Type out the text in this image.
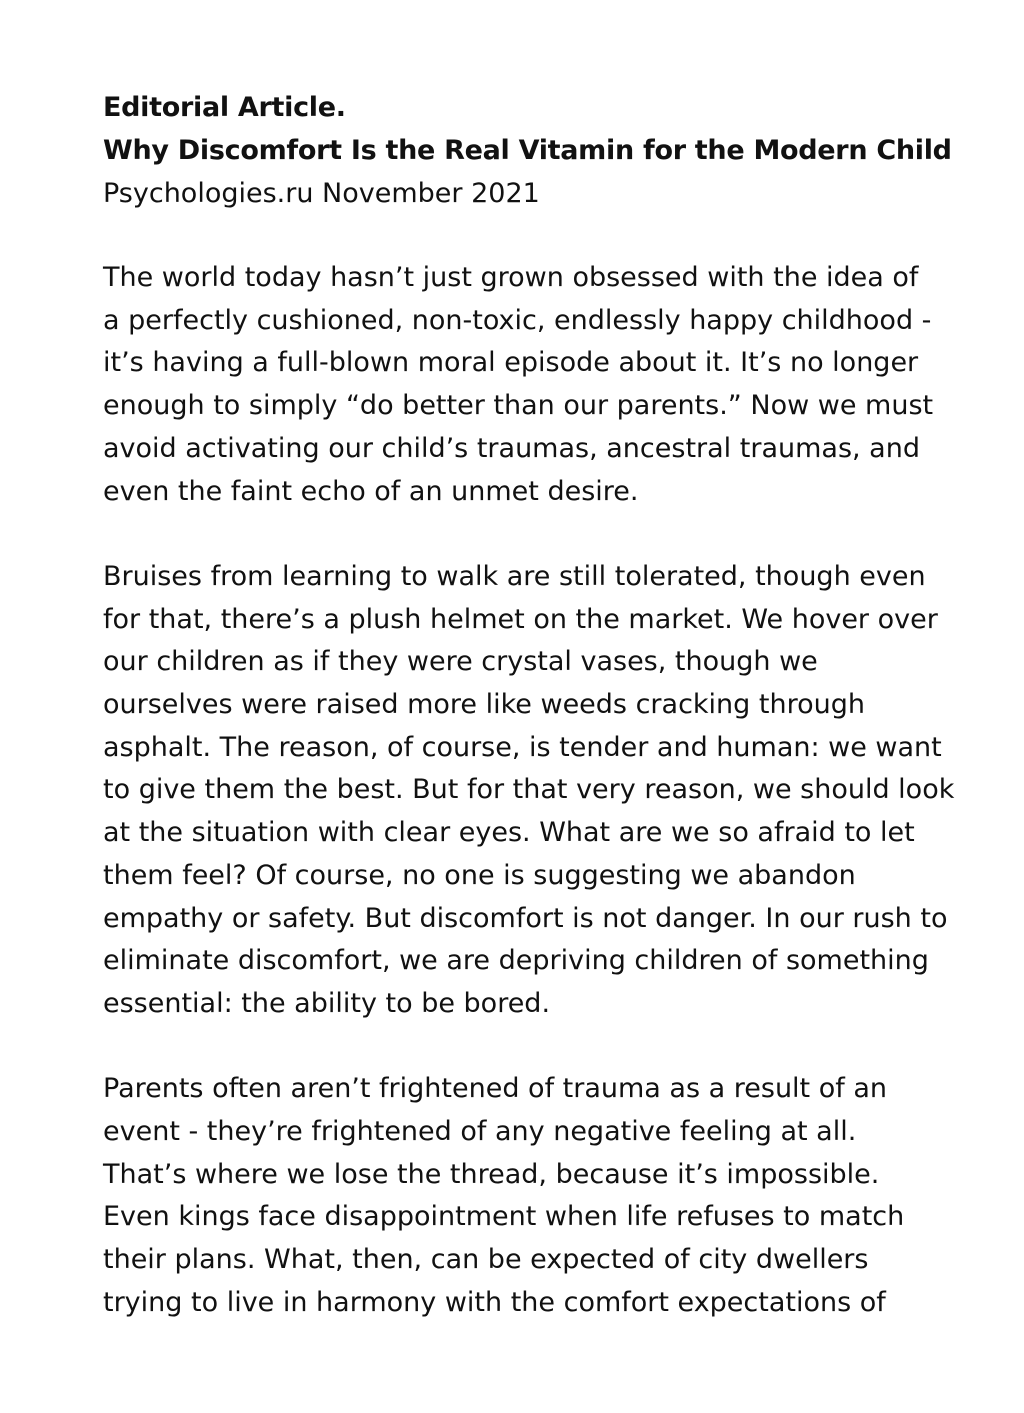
Editorial Article.

Why Discomfort Is the Real Vitamin for the Modern Child

Psychologies.ru November 2021

The world today hasn’t just grown obsessed with the idea of
a perfectly cushioned, non-toxic, endlessly happy childhood -
it’s having a full-blown moral episode about it. It’s no longer
enough to simply “do better than our parents.” Now we must
avoid activating our child’s traumas, ancestral traumas, and
even the faint echo of an unmet desire.

Bruises from learning to walk are still tolerated, though even
for that, there’s a plush helmet on the market. We hover over
our children as if they were crystal vases, though we
ourselves were raised more like weeds cracking through
asphalt. The reason, of course, is tender and human: we want
to give them the best. But for that very reason, we should look
at the situation with clear eyes. What are we so afraid to let
them feel? Of course, no one is suggesting we abandon
empathy or safety. But discomfort is not danger. In our rush to
eliminate discomfort, we are depriving children of something
essential: the ability to be bored.

Parents often aren’t frightened of trauma as a result of an
event - they’re frightened of any negative feeling at all.
That’s where we lose the thread, because it’s impossible.
Even kings face disappointment when life refuses to match
their plans. What, then, can be expected of city dwellers
trying to live in harmony with the comfort expectations of
